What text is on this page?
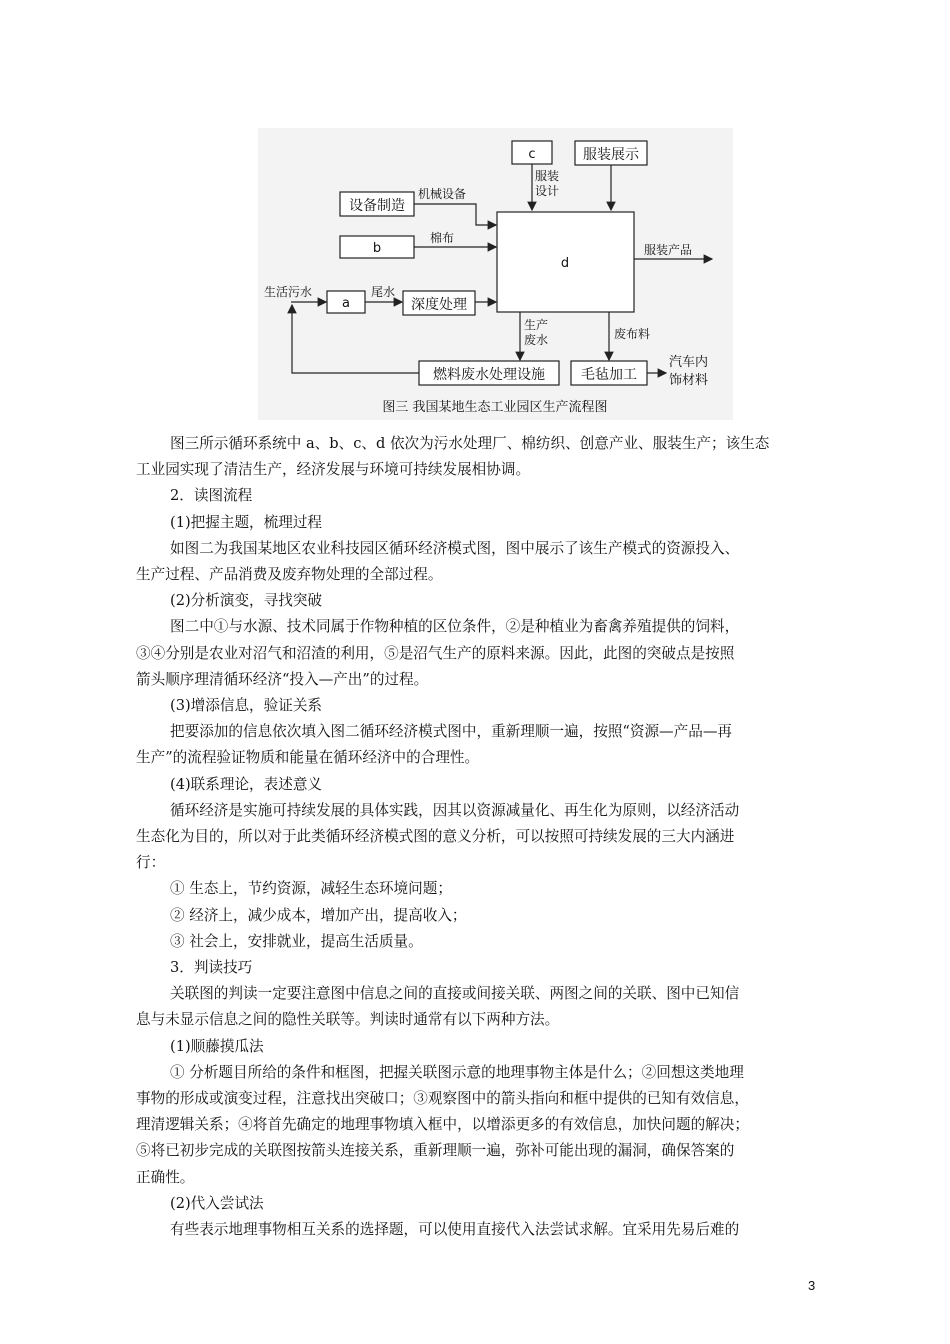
c	服装展示
服装
设计
设备制造
机械设备
b
棉布
d
服装产品
生活污水
a
尾水
深度处理
生产
废水
燃料废水处理设施
废布料
毛毡加工
汽车内
饰材料
图三 我国某地生态工业园区生产流程图
图三所示循环系统中 a、b、c、d 依次为污水处理厂、棉纺织、创意产业、服装生产；该生态
工业园实现了清洁生产，经济发展与环境可持续发展相协调。
2．读图流程
(1)把握主题，梳理过程
如图二为我国某地区农业科技园区循环经济模式图，图中展示了该生产模式的资源投入、
生产过程、产品消费及废弃物处理的全部过程。
(2)分析演变，寻找突破
图二中①与水源、技术同属于作物种植的区位条件，②是种植业为畜禽养殖提供的饲料，
③④分别是农业对沼气和沼渣的利用，⑤是沼气生产的原料来源。因此，此图的突破点是按照
箭头顺序理清循环经济“投入—产出”的过程。
(3)增添信息，验证关系
把要添加的信息依次填入图二循环经济模式图中，重新理顺一遍，按照“资源—产品—再
生产”的流程验证物质和能量在循环经济中的合理性。
(4)联系理论，表述意义
循环经济是实施可持续发展的具体实践，因其以资源减量化、再生化为原则，以经济活动
生态化为目的，所以对于此类循环经济模式图的意义分析，可以按照可持续发展的三大内涵进
行：
① 生态上，节约资源，减轻生态环境问题；
② 经济上，减少成本，增加产出，提高收入；
③ 社会上，安排就业，提高生活质量。
3．判读技巧
关联图的判读一定要注意图中信息之间的直接或间接关联、两图之间的关联、图中已知信
息与未显示信息之间的隐性关联等。判读时通常有以下两种方法。
(1)顺藤摸瓜法
① 分析题目所给的条件和框图，把握关联图示意的地理事物主体是什么；②回想这类地理
事物的形成或演变过程，注意找出突破口；③观察图中的箭头指向和框中提供的已知有效信息，
理清逻辑关系；④将首先确定的地理事物填入框中，以增添更多的有效信息，加快问题的解决；
⑤将已初步完成的关联图按箭头连接关系，重新理顺一遍，弥补可能出现的漏洞，确保答案的
正确性。
(2)代入尝试法
有些表示地理事物相互关系的选择题，可以使用直接代入法尝试求解。宜采用先易后难的
3
